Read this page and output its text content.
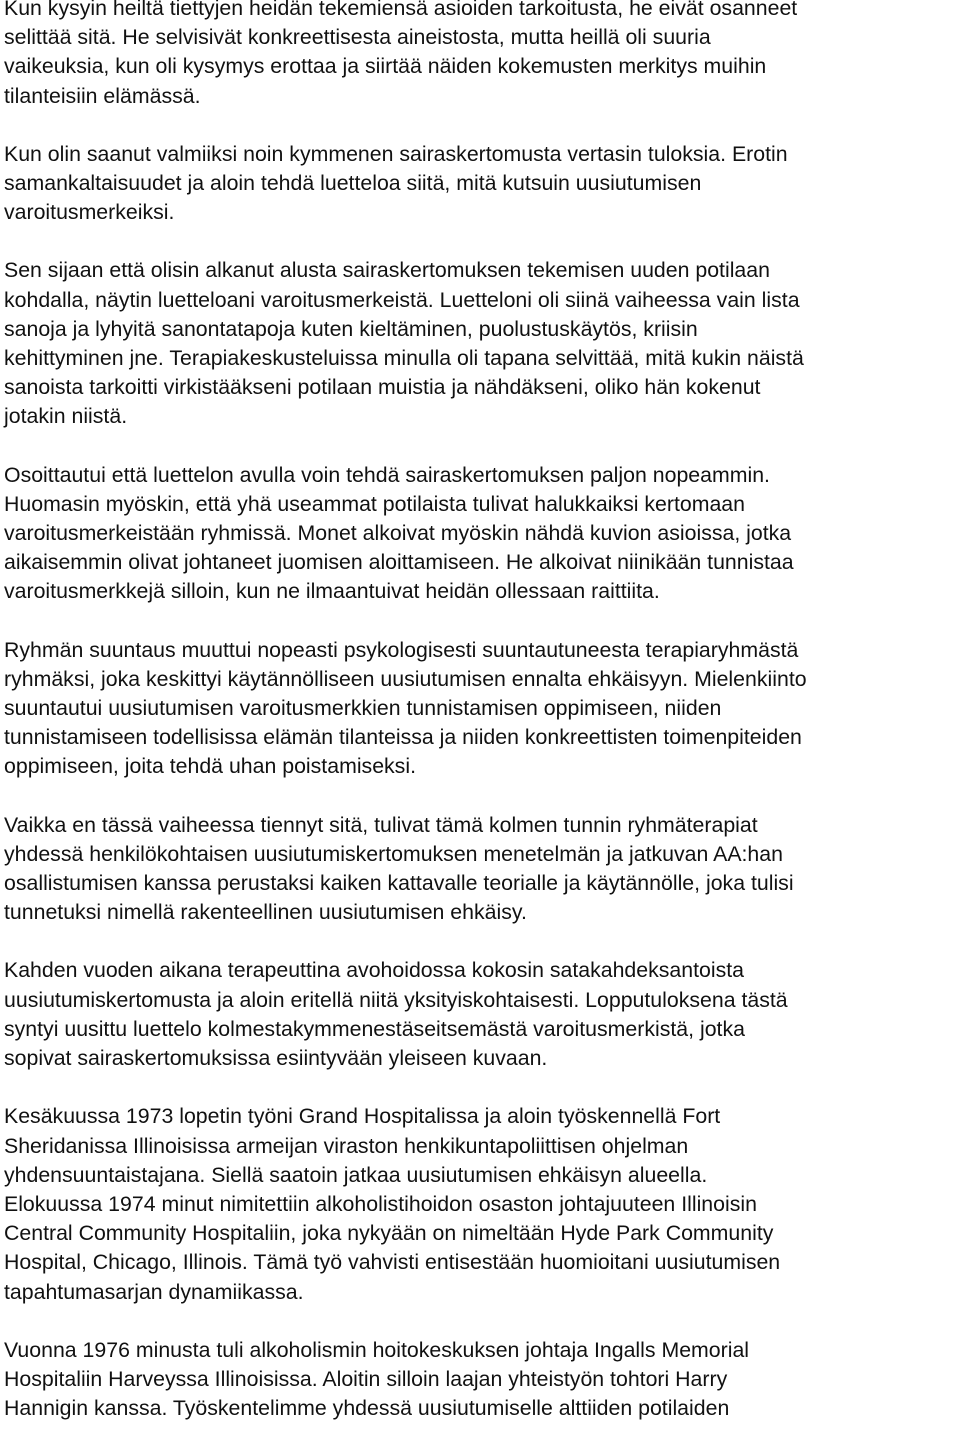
Kun kysyin heiltä tiettyjen heidän tekemiensä asioiden tarkoitusta, he eivät osanneet
selittää sitä. He selvisivät konkreettisesta aineistosta, mutta heillä oli suuria
vaikeuksia, kun oli kysymys erottaa ja siirtää näiden kokemusten merkitys muihin
tilanteisiin elämässä.

Kun olin saanut valmiiksi noin kymmenen sairaskertomusta vertasin tuloksia. Erotin
samankaltaisuudet ja aloin tehdä luetteloa siitä, mitä kutsuin uusiutumisen
varoitusmerkeiksi.

Sen sijaan että olisin alkanut alusta sairaskertomuksen tekemisen uuden potilaan
kohdalla, näytin luetteloani varoitusmerkeistä. Luetteloni oli siinä vaiheessa vain lista
sanoja ja lyhyitä sanontatapoja kuten kieltäminen, puolustuskäytös, kriisin
kehittyminen jne. Terapiakeskusteluissa minulla oli tapana selvittää, mitä kukin näistä
sanoista tarkoitti virkistääkseni potilaan muistia ja nähdäkseni, oliko hän kokenut
jotakin niistä.

Osoittautui että luettelon avulla voin tehdä sairaskertomuksen paljon nopeammin.
Huomasin myöskin, että yhä useammat potilaista tulivat halukkaiksi kertomaan
varoitusmerkeistään ryhmissä. Monet alkoivat myöskin nähdä kuvion asioissa, jotka
aikaisemmin olivat johtaneet juomisen aloittamiseen. He alkoivat niinikään tunnistaa
varoitusmerkkejä silloin, kun ne ilmaantuivat heidän ollessaan raittiita.

Ryhmän suuntaus muuttui nopeasti psykologisesti suuntautuneesta terapiaryhmästä
ryhmäksi, joka keskittyi käytännölliseen uusiutumisen ennalta ehkäisyyn. Mielenkiinto
suuntautui uusiutumisen varoitusmerkkien tunnistamisen oppimiseen, niiden
tunnistamiseen todellisissa elämän tilanteissa ja niiden konkreettisten toimenpiteiden
oppimiseen, joita tehdä uhan poistamiseksi.

Vaikka en tässä vaiheessa tiennyt sitä, tulivat tämä kolmen tunnin ryhmäterapiat
yhdessä henkilökohtaisen uusiutumiskertomuksen menetelmän ja jatkuvan AA:han
osallistumisen kanssa perustaksi kaiken kattavalle teorialle ja käytännölle, joka tulisi
tunnetuksi nimellä rakenteellinen uusiutumisen ehkäisy.

Kahden vuoden aikana terapeuttina avohoidossa kokosin satakahdeksantoista
uusiutumiskertomusta ja aloin eritellä niitä yksityiskohtaisesti. Lopputuloksena tästä
syntyi uusittu luettelo kolmestakymmenestäseitsemästä varoitusmerkistä, jotka
sopivat sairaskertomuksissa esiintyvään yleiseen kuvaan.

Kesäkuussa 1973 lopetin työni Grand Hospitalissa ja aloin työskennellä Fort
Sheridanissa Illinoisissa armeijan viraston henkikuntapoliittisen ohjelman
yhdensuuntaistajana. Siellä saatoin jatkaa uusiutumisen ehkäisyn alueella.
Elokuussa 1974 minut nimitettiin alkoholistihoidon osaston johtajuuteen Illinoisin
Central Community Hospitaliin, joka nykyään on nimeltään Hyde Park Community
Hospital, Chicago, Illinois. Tämä työ vahvisti entisestään huomioitani uusiutumisen
tapahtumasarjan dynamiikassa.

Vuonna 1976 minusta tuli alkoholismin hoitokeskuksen johtaja Ingalls Memorial
Hospitaliin Harveyssa Illinoisissa. Aloitin silloin laajan yhteistyön tohtori Harry
Hannigin kanssa. Työskentelimme yhdessä uusiutumiselle alttiiden potilaiden
